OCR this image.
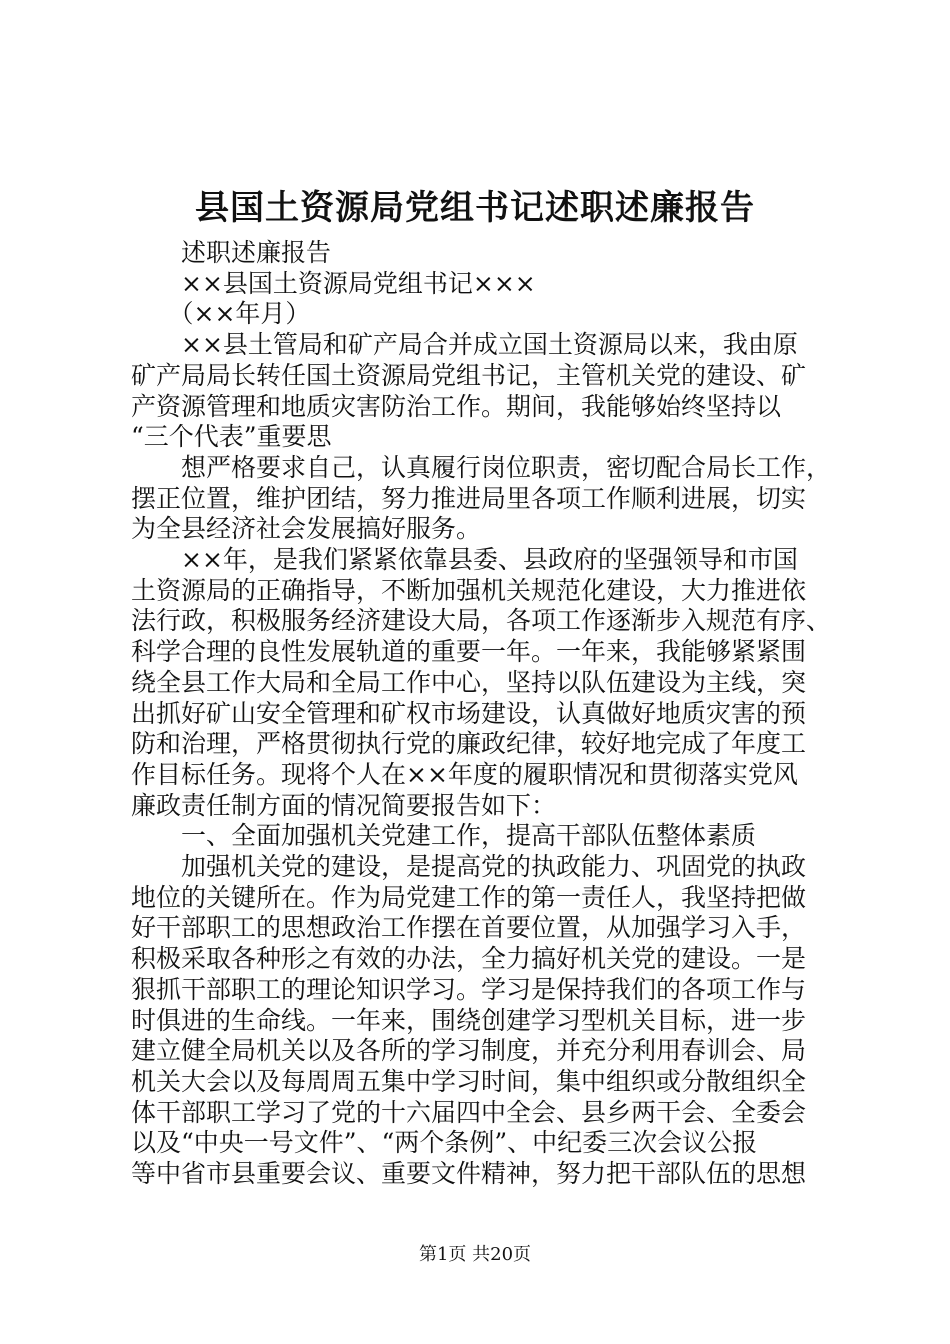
县国土资源局党组书记述职述廉报告
　　述职述廉报告
　　××县国土资源局党组书记×××
　　（××年月）
　　××县土管局和矿产局合并成立国土资源局以来，我由原
矿产局局长转任国土资源局党组书记，主管机关党的建设、矿
产资源管理和地质灾害防治工作。期间，我能够始终坚持以
“三个代表”重要思
　　想严格要求自己，认真履行岗位职责，密切配合局长工作，
摆正位置，维护团结，努力推进局里各项工作顺利进展，切实
为全县经济社会发展搞好服务。
　　××年，是我们紧紧依靠县委、县政府的坚强领导和市国
土资源局的正确指导，不断加强机关规范化建设，大力推进依
法行政，积极服务经济建设大局，各项工作逐渐步入规范有序、
科学合理的良性发展轨道的重要一年。一年来，我能够紧紧围
绕全县工作大局和全局工作中心，坚持以队伍建设为主线，突
出抓好矿山安全管理和矿权市场建设，认真做好地质灾害的预
防和治理，严格贯彻执行党的廉政纪律，较好地完成了年度工
作目标任务。现将个人在××年度的履职情况和贯彻落实党风
廉政责任制方面的情况简要报告如下：
　　一、全面加强机关党建工作，提高干部队伍整体素质
　　加强机关党的建设，是提高党的执政能力、巩固党的执政
地位的关键所在。作为局党建工作的第一责任人，我坚持把做
好干部职工的思想政治工作摆在首要位置，从加强学习入手，
积极采取各种形之有效的办法，全力搞好机关党的建设。一是
狠抓干部职工的理论知识学习。学习是保持我们的各项工作与
时俱进的生命线。一年来，围绕创建学习型机关目标，进一步
建立健全局机关以及各所的学习制度，并充分利用春训会、局
机关大会以及每周周五集中学习时间，集中组织或分散组织全
体干部职工学习了党的十六届四中全会、县乡两干会、全委会
以及“中央一号文件”、“两个条例”、中纪委三次会议公报
等中省市县重要会议、重要文件精神，努力把干部队伍的思想
第1页 共20页
